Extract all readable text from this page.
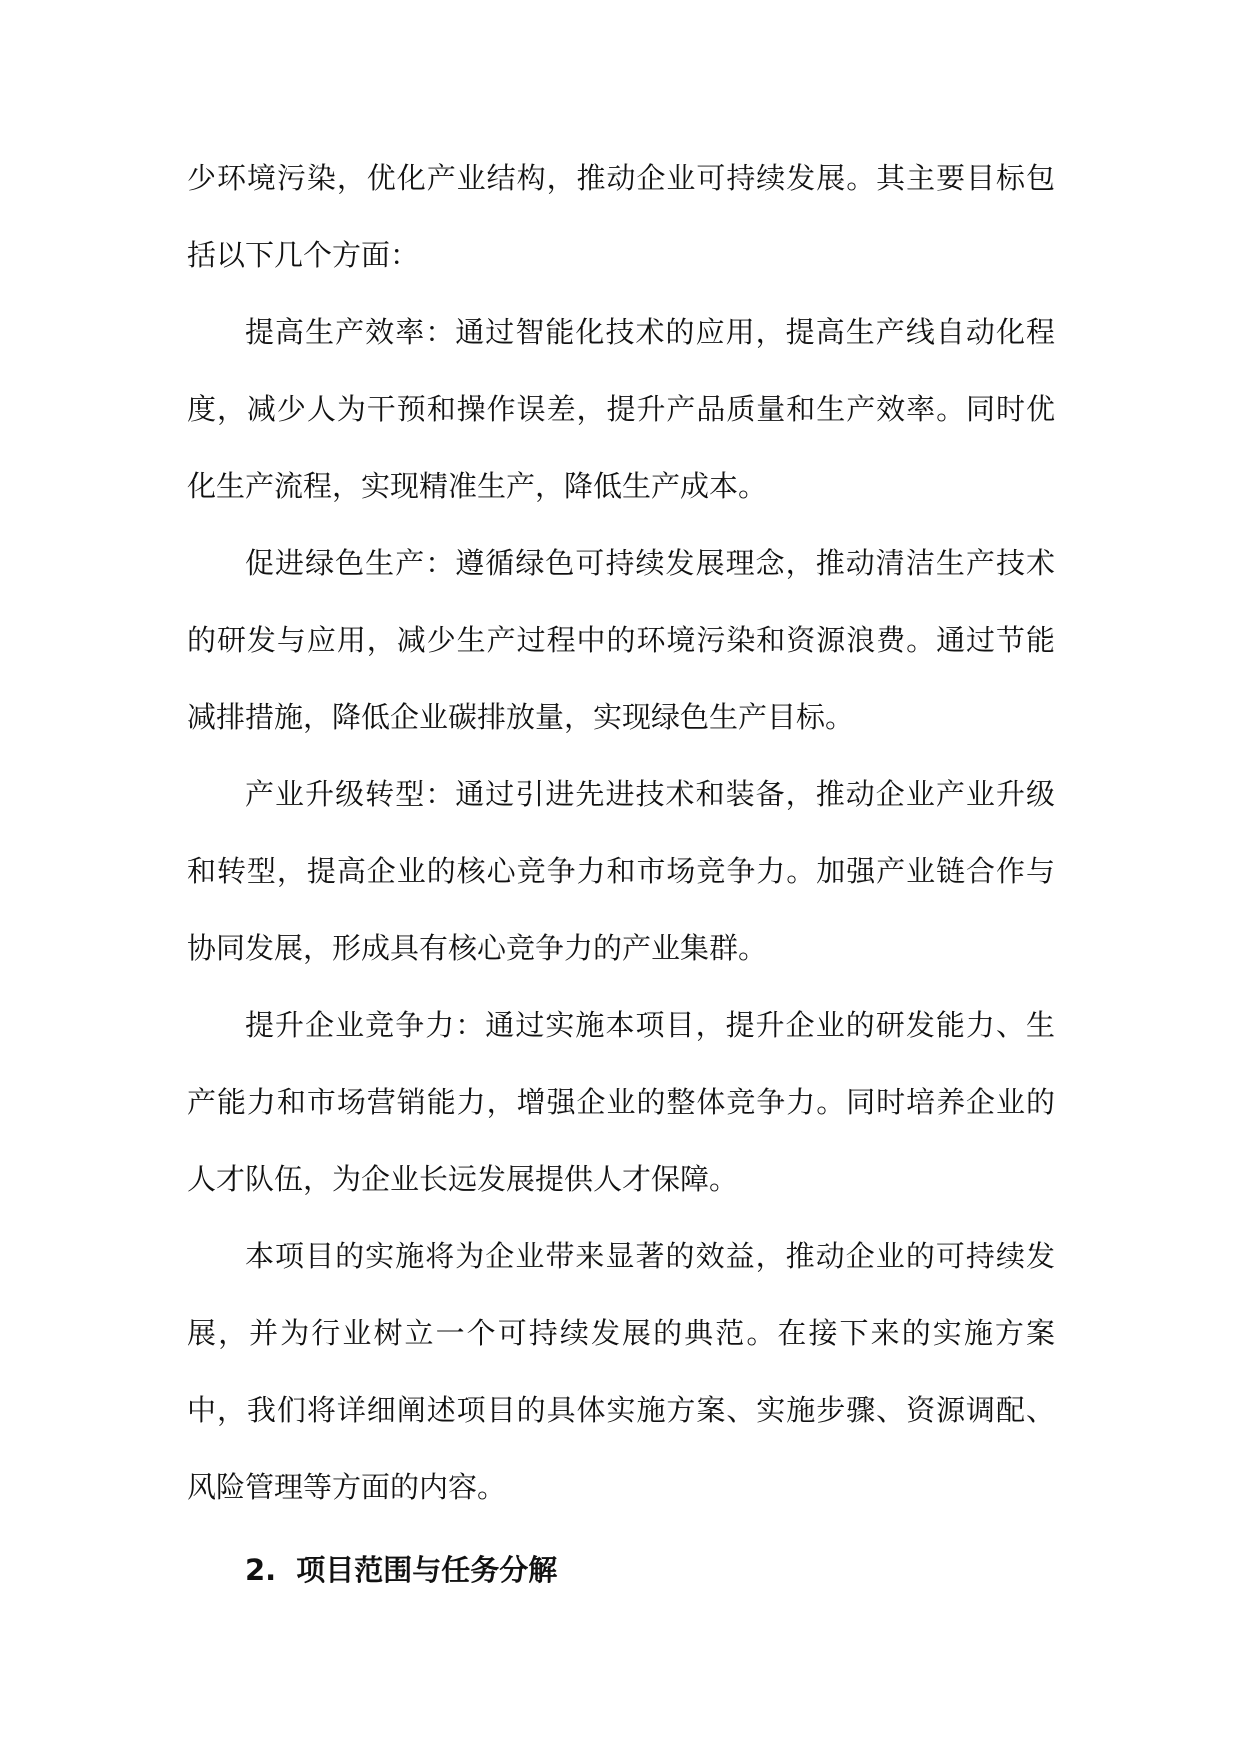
少环境污染，优化产业结构，推动企业可持续发展。其主要目标包括以下几个方面：

提高生产效率：通过智能化技术的应用，提高生产线自动化程度，减少人为干预和操作误差，提升产品质量和生产效率。同时优化生产流程，实现精准生产，降低生产成本。

促进绿色生产：遵循绿色可持续发展理念，推动清洁生产技术的研发与应用，减少生产过程中的环境污染和资源浪费。通过节能减排措施，降低企业碳排放量，实现绿色生产目标。

产业升级转型：通过引进先进技术和装备，推动企业产业升级和转型，提高企业的核心竞争力和市场竞争力。加强产业链合作与协同发展，形成具有核心竞争力的产业集群。

提升企业竞争力：通过实施本项目，提升企业的研发能力、生产能力和市场营销能力，增强企业的整体竞争力。同时培养企业的人才队伍，为企业长远发展提供人才保障。

本项目的实施将为企业带来显著的效益，推动企业的可持续发展，并为行业树立一个可持续发展的典范。在接下来的实施方案中，我们将详细阐述项目的具体实施方案、实施步骤、资源调配、风险管理等方面的内容。

2. 项目范围与任务分解
